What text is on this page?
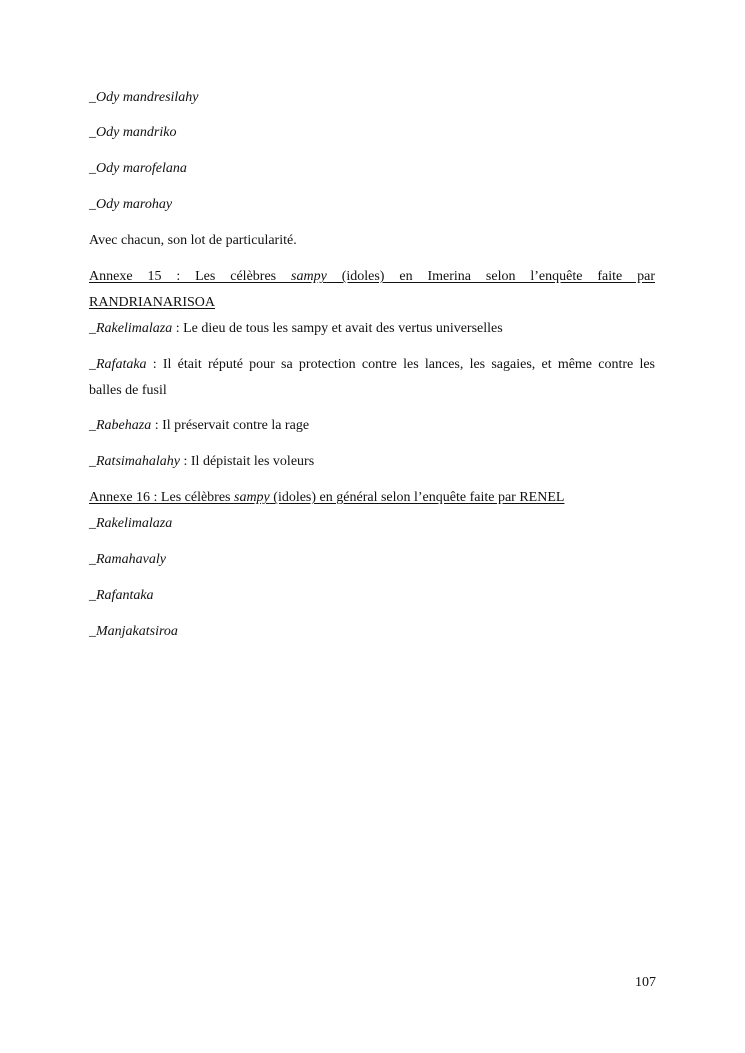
_Ody mandresilahy
_Ody mandriko
_Ody marofelana
_Ody marohay
Avec chacun, son lot de particularité.
Annexe 15 : Les célèbres sampy (idoles) en Imerina selon l’enquête faite par
RANDRIANARISOA
_Rakelimalaza : Le dieu de tous les sampy et avait des vertus universelles
_Rafataka : Il était réputé pour sa protection contre les lances, les sagaies, et même contre les
balles de fusil
_Rabehaza : Il préservait contre la rage
_Ratsimahalahy : Il dépistait les voleurs
Annexe 16 : Les célèbres sampy (idoles) en général selon l’enquête faite par RENEL
_Rakelimalaza
_Ramahavaly
_Rafantaka
_Manjakatsiroa
107
